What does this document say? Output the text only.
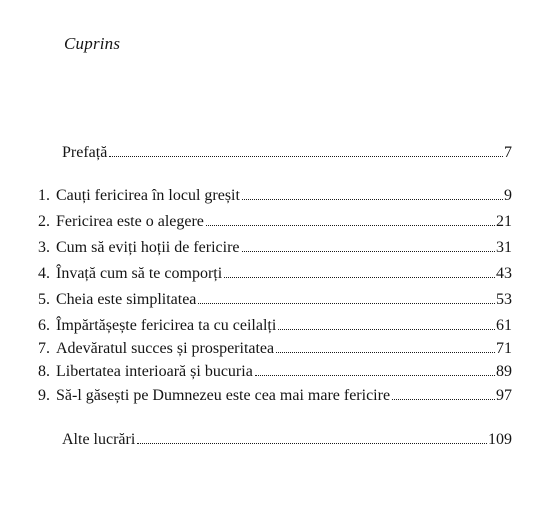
Cuprins
Prefață	7
1. Cauți fericirea în locul greșit	9
2. Fericirea este o alegere	21
3. Cum să eviți hoții de fericire	31
4. Învață cum să te comporți	43
5. Cheia este simplitatea	53
6. Împărtășește fericirea ta cu ceilalți	61
7. Adevăratul succes și prosperitatea	71
8. Libertatea interioară și bucuria	89
9. Să-l găsești pe Dumnezeu este cea mai mare fericire	97
Alte lucrări	109
